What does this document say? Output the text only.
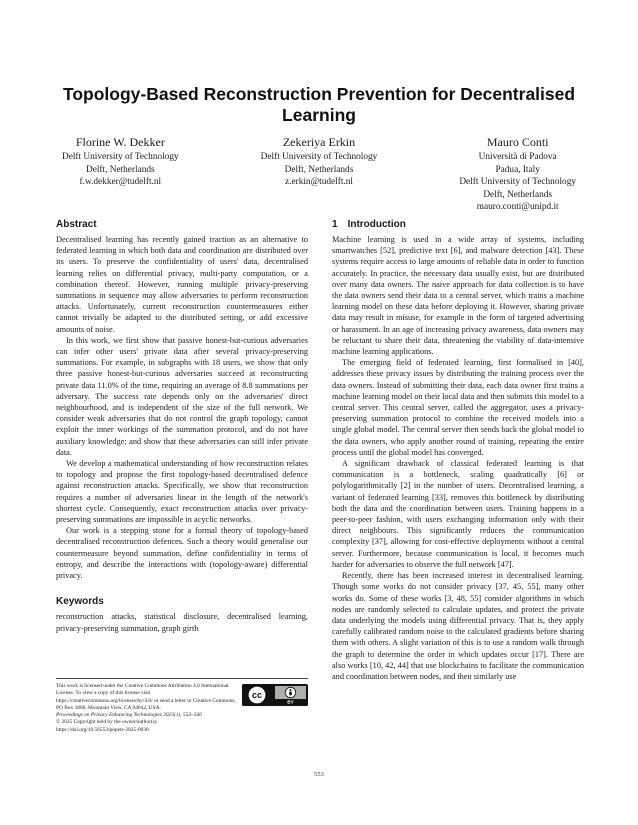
Topology-Based Reconstruction Prevention for Decentralised Learning
Florine W. Dekker
Delft University of Technology
Delft, Netherlands
f.w.dekker@tudelft.nl
Zekeriya Erkin
Delft University of Technology
Delft, Netherlands
z.erkin@tudelft.nl
Mauro Conti
Università di Padova
Padua, Italy
Delft University of Technology
Delft, Netherlands
mauro.conti@unipd.it
Abstract

Decentralised learning has recently gained traction as an alternative to federated learning in which both data and coordination are distributed over its users. To preserve the confidentiality of users' data, decentralised learning relies on differential privacy, multi-party computation, or a combination thereof. However, running multiple privacy-preserving summations in sequence may allow adversaries to perform reconstruction attacks. Unfortunately, current reconstruction countermeasures either cannot trivially be adapted to the distributed setting, or add excessive amounts of noise.

In this work, we first show that passive honest-but-curious adversaries can infer other users' private data after several privacy-preserving summations. For example, in subgraphs with 18 users, we show that only three passive honest-but-curious adversaries succeed at reconstructing private data 11.0% of the time, requiring an average of 8.8 summations per adversary. The success rate depends only on the adversaries' direct neighbourhood, and is independent of the size of the full network. We consider weak adversaries that do not control the graph topology, cannot exploit the inner workings of the summation protocol, and do not have auxiliary knowledge; and show that these adversaries can still infer private data.

We develop a mathematical understanding of how reconstruction relates to topology and propose the first topology-based decentralised defence against reconstruction attacks. Specifically, we show that reconstruction requires a number of adversaries linear in the length of the network's shortest cycle. Consequently, exact reconstruction attacks over privacy-preserving summations are impossible in acyclic networks.

Our work is a stepping stone for a formal theory of topology-based decentralised reconstruction defences. Such a theory would generalise our countermeasure beyond summation, define confidentiality in terms of entropy, and describe the interactions with (topology-aware) differential privacy.

Keywords

reconstruction attacks, statistical disclosure, decentralised learning, privacy-preserving summation, graph girth

This work is licensed under the Creative Commons Attribution 4.0 International License. To view a copy of this license visit https://creativecommons.org/licenses/by/4.0/ or send a letter to Creative Commons, PO Box 1866, Mountain View, CA 94042, USA.
Proceedings on Privacy Enhancing Technologies 2025(1), 553–566
© 2025 Copyright held by the owner/author(s).
https://doi.org/10.56553/popets-2025-0030
cc
BY
1 Introduction

Machine learning is used in a wide array of systems, including smartwatches [52], predictive text [6], and malware detection [43]. These systems require access to large amounts of reliable data in order to function accurately. In practice, the necessary data usually exist, but are distributed over many data owners. The naive approach for data collection is to have the data owners send their data to a central server, which trains a machine learning model on these data before deploying it. However, sharing private data may result in misuse, for example in the form of targeted advertising or harassment. In an age of increasing privacy awareness, data owners may be reluctant to share their data, threatening the viability of data-intensive machine learning applications.

The emerging field of federated learning, first formalised in [40], addresses these privacy issues by distributing the training process over the data owners. Instead of submitting their data, each data owner first trains a machine learning model on their local data and then submits this model to a central server. This central server, called the aggregator, uses a privacy-preserving summation protocol to combine the received models into a single global model. The central server then sends back the global model to the data owners, who apply another round of training, repeating the entire process until the global model has converged.

A significant drawback of classical federated learning is that communication is a bottleneck, scaling quadratically [6] or polylogarithmically [2] in the number of users. Decentralised learning, a variant of federated learning [33], removes this bottleneck by distributing both the data and the coordination between users. Training happens in a peer-to-peer fashion, with users exchanging information only with their direct neighbours. This significantly reduces the communication complexity [37], allowing for cost-effective deployments without a central server. Furthermore, because communication is local, it becomes much harder for adversaries to observe the full network [47].

Recently, there has been increased interest in decentralised learning. Though some works do not consider privacy [37, 45, 55], many other works do. Some of these works [3, 48, 55] consider algorithms in which nodes are randomly selected to calculate updates, and protect the private data underlying the models using differential privacy. That is, they apply carefully calibrated random noise to the calculated gradients before sharing them with others. A slight variation of this is to use a random walk through the graph to determine the order in which updates occur [17]. There are also works [10, 42, 44] that use blockchains to facilitate the communication and coordination between nodes, and then similarly use

553
